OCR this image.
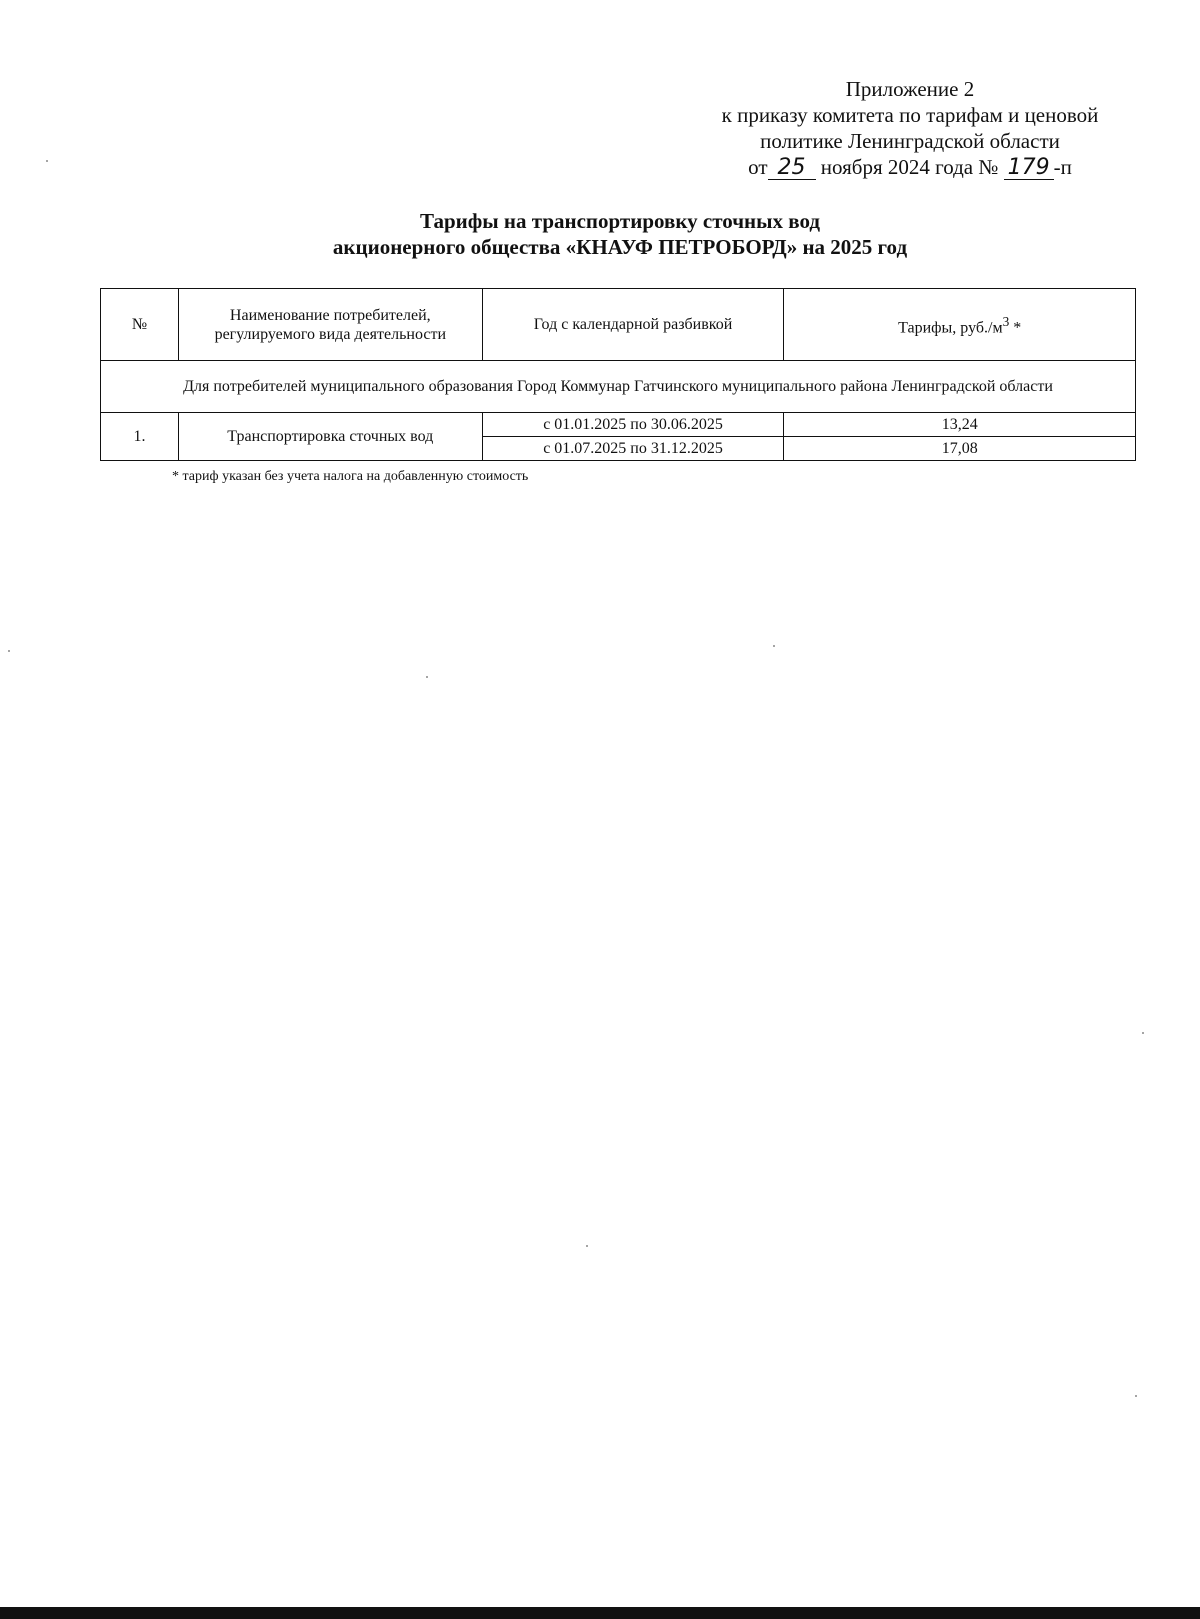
Приложение 2
к приказу комитета по тарифам и ценовой
политике Ленинградской области
от 25 ноября 2024 года № 179 -п
Тарифы на транспортировку сточных вод
акционерного общества «КНАУФ ПЕТРОБОРД» на 2025 год
№	Наименование потребителей, регулируемого вида деятельности	Год с календарной разбивкой	Тарифы, $руб./м^3$ *
Для потребителей муниципального образования Город Коммунар Гатчинского муниципального района Ленинградской области			
1.	Транспортировка сточных вод	с 01.01.2025 по 30.06.2025	13,24
		с 01.07.2025 по 31.12.2025	17,08
* тариф указан без учета налога на добавленную стоимость
